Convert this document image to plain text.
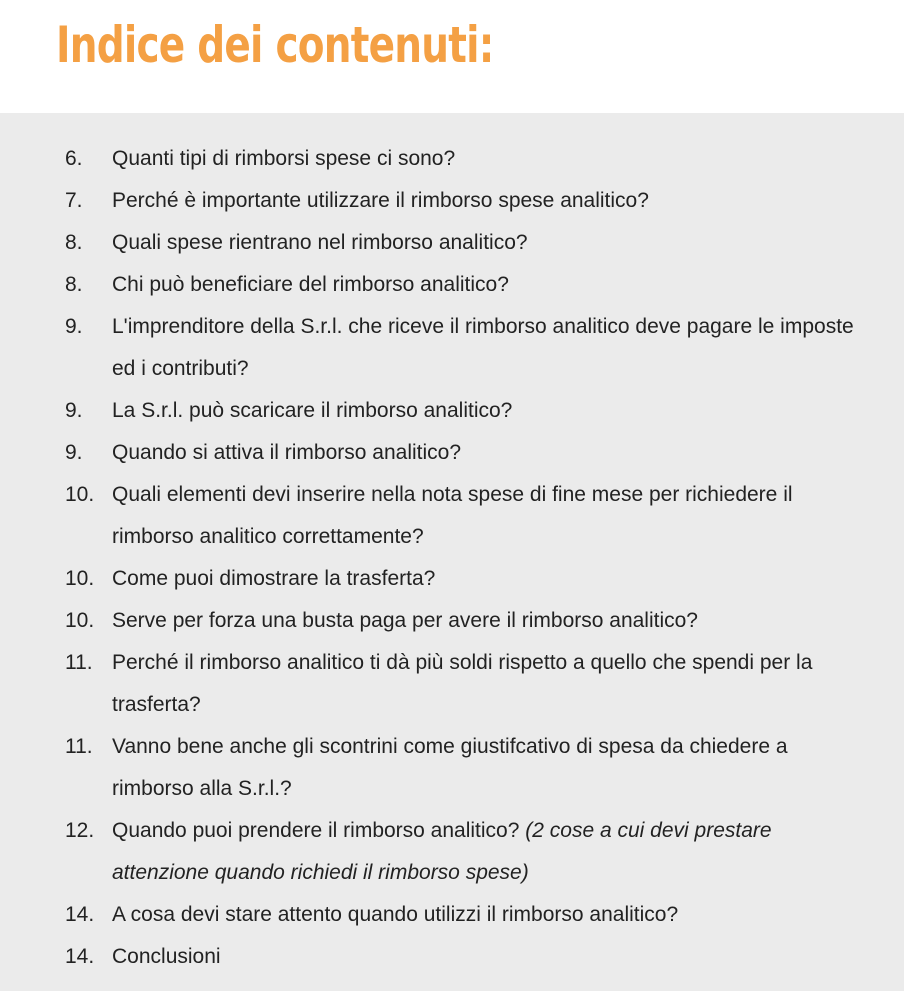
Indice dei contenuti:
6. Quanti tipi di rimborsi spese ci sono?
7. Perché è importante utilizzare il rimborso spese analitico?
8. Quali spese rientrano nel rimborso analitico?
8. Chi può beneficiare del rimborso analitico?
9. L'imprenditore della S.r.l. che riceve il rimborso analitico deve pagare le imposte ed i contributi?
9. La S.r.l. può scaricare il rimborso analitico?
9. Quando si attiva il rimborso analitico?
10. Quali elementi devi inserire nella nota spese di fine mese per richiedere il rimborso analitico correttamente?
10. Come puoi dimostrare la trasferta?
10. Serve per forza una busta paga per avere il rimborso analitico?
11. Perché il rimborso analitico ti dà più soldi rispetto a quello che spendi per la trasferta?
11. Vanno bene anche gli scontrini come giustifcativo di spesa da chiedere a rimborso alla S.r.l.?
12. Quando puoi prendere il rimborso analitico? (2 cose a cui devi prestare attenzione quando richiedi il rimborso spese)
14. A cosa devi stare attento quando utilizzi il rimborso analitico?
14. Conclusioni
